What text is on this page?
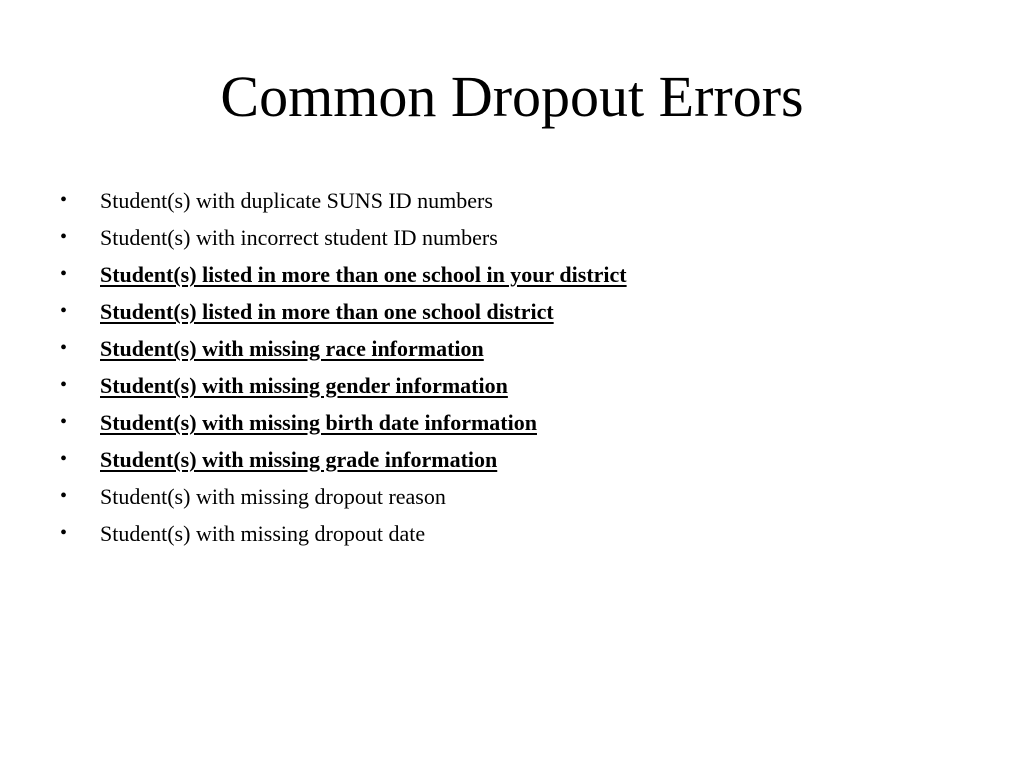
Common Dropout Errors
• Student(s) with duplicate SUNS ID numbers
• Student(s) with incorrect student ID numbers
• Student(s) listed in more than one school in your district
• Student(s) listed in more than one school district
• Student(s) with missing race information
• Student(s) with missing gender information
• Student(s) with missing birth date information
• Student(s) with missing grade information
• Student(s) with missing dropout reason
• Student(s) with missing dropout date
